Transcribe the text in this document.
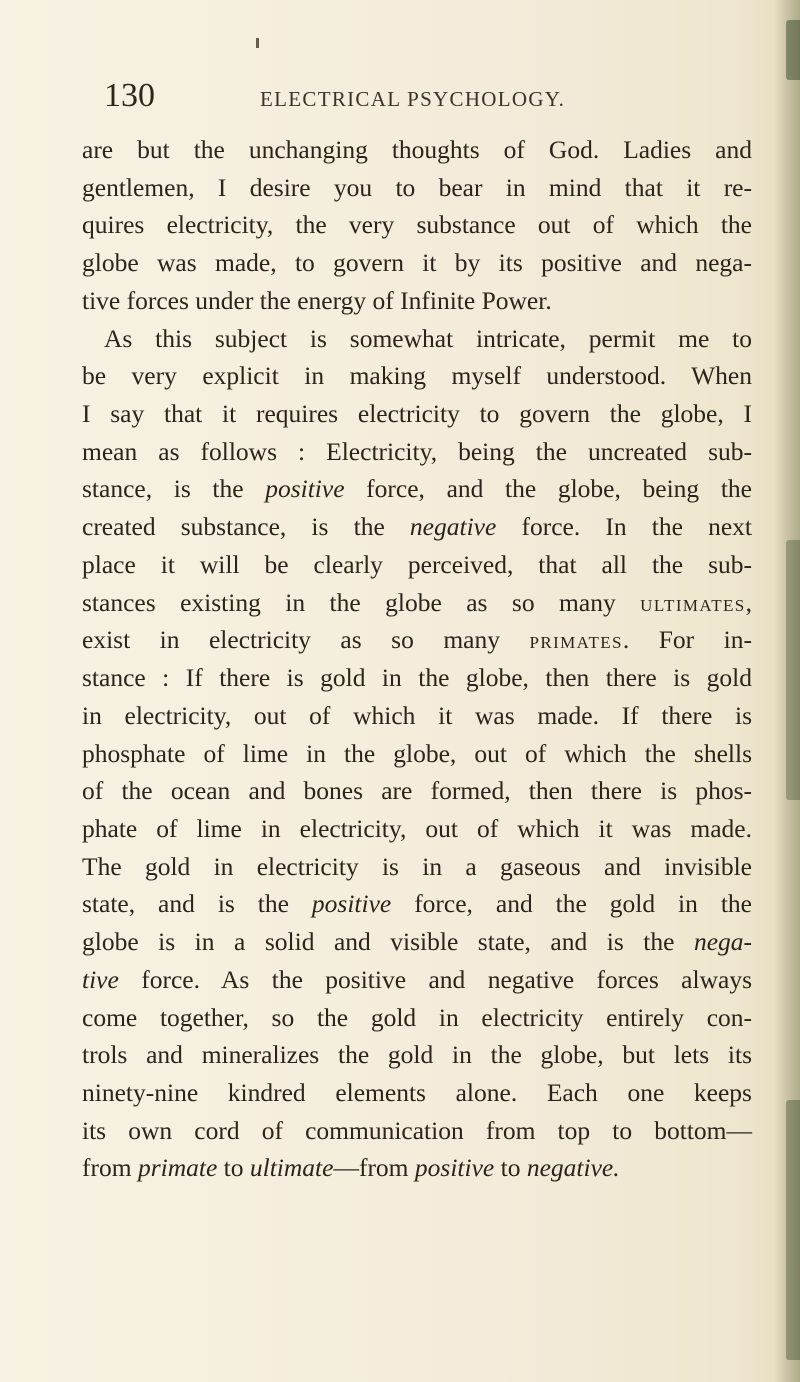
130	ELECTRICAL PSYCHOLOGY.
are but the unchanging thoughts of God. Ladies and
gentlemen, I desire you to bear in mind that it re-
quires electricity, the very substance out of which the
globe was made, to govern it by its positive and nega-
tive forces under the energy of Infinite Power.
As this subject is somewhat intricate, permit me to
be very explicit in making myself understood. When
I say that it requires electricity to govern the globe, I
mean as follows : Electricity, being the uncreated sub-
stance, is the positive force, and the globe, being the
created substance, is the negative force. In the next
place it will be clearly perceived, that all the sub-
stances existing in the globe as so many ULTIMATES,
exist in electricity as so many PRIMATES. For in-
stance : If there is gold in the globe, then there is gold
in electricity, out of which it was made. If there is
phosphate of lime in the globe, out of which the shells
of the ocean and bones are formed, then there is phos-
phate of lime in electricity, out of which it was made.
The gold in electricity is in a gaseous and invisible
state, and is the positive force, and the gold in the
globe is in a solid and visible state, and is the nega-
tive force. As the positive and negative forces always
come together, so the gold in electricity entirely con-
trols and mineralizes the gold in the globe, but lets its
ninety-nine kindred elements alone. Each one keeps
its own cord of communication from top to bottom—
from primate to ultimate—from positive to negative.
